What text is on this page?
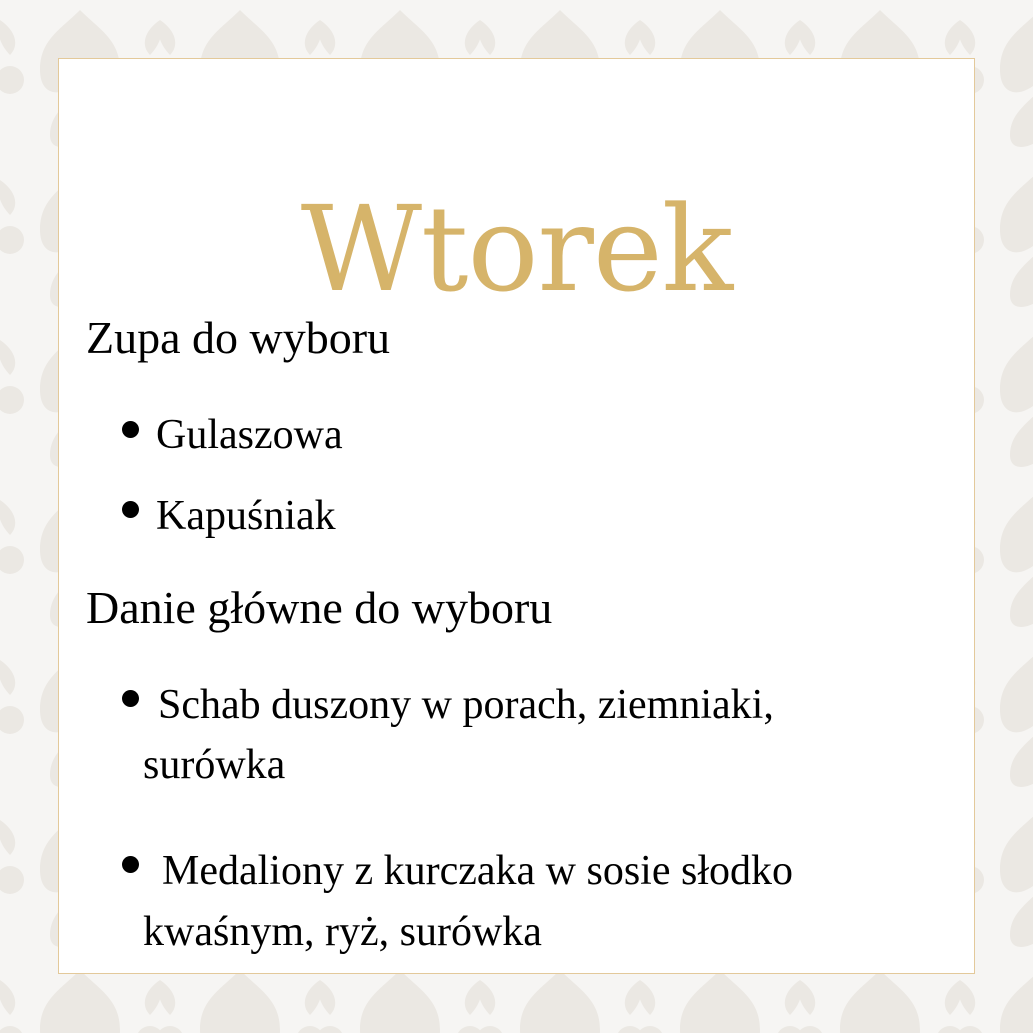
Wtorek
Zupa do wyboru

Gulaszowa

Kapuśniak

Danie główne do wyboru

Schab duszony w porach, ziemniaki,

surówka

Medaliony z kurczaka w sosie słodko

kwaśnym, ryż, surówka
